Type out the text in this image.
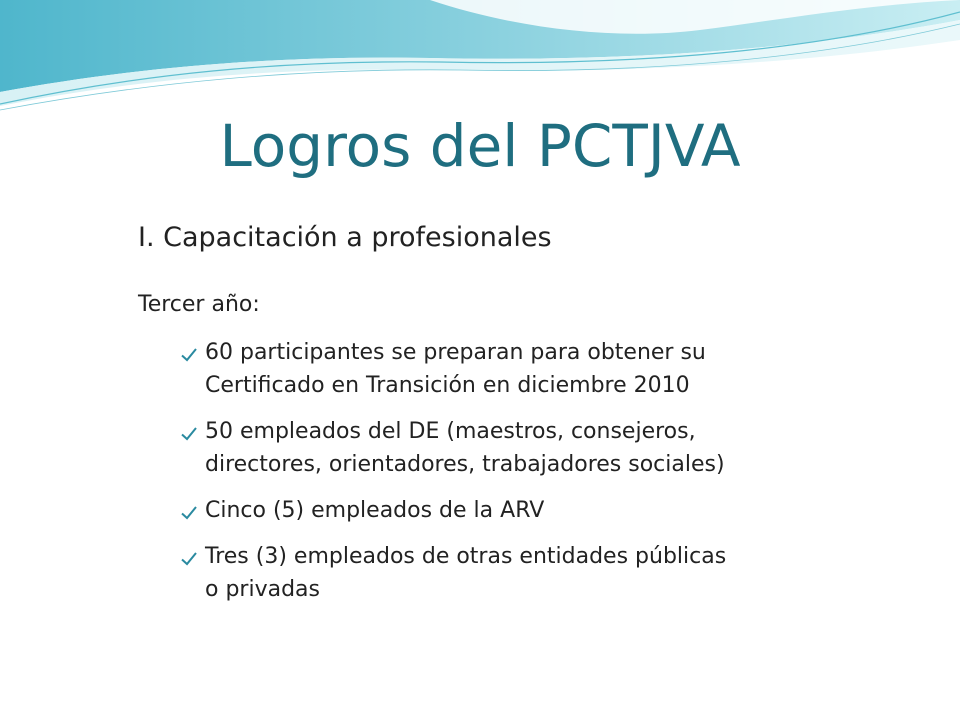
Logros del PCTJVA
I. Capacitación a profesionales
Tercer año:
60 participantes se preparan para obtener su
Certificado en Transición en diciembre 2010
50 empleados del DE (maestros, consejeros,
directores, orientadores, trabajadores sociales)
Cinco (5) empleados de la ARV
Tres (3) empleados de otras entidades públicas
o privadas
